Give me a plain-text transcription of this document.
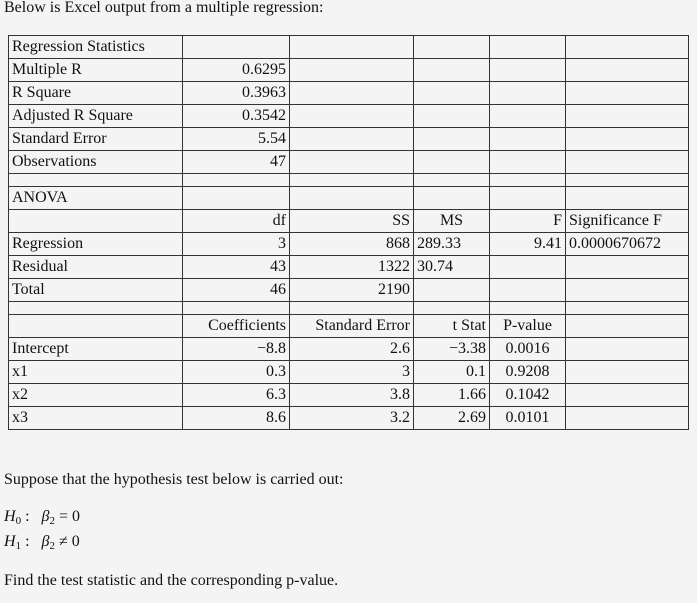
Below is Excel output from a multiple regression:
Regression Statistics					
Multiple R	0.6295				
R Square	0.3963				
Adjusted R Square	0.3542				
Standard Error	5.54				
Observations	47				

ANOVA					
	df	SS	MS	F	Significance F
Regression	3	868	289.33	9.41	0.0000670672
Residual	43	1322	30.74		
Total	46	2190			

	Coefficients	Standard Error	t Stat	P-value	
Intercept	−8.8	2.6	−3.38	0.0016	
x1	0.3	3	0.1	0.9208	
x2	6.3	3.8	1.66	0.1042	
x3	8.6	3.2	2.69	0.0101	
Suppose that the hypothesis test below is carried out:
$H_0$ : $\beta_2 = 0$
$H_1$ : $\beta_2 \ne 0$
Find the test statistic and the corresponding p-value.
